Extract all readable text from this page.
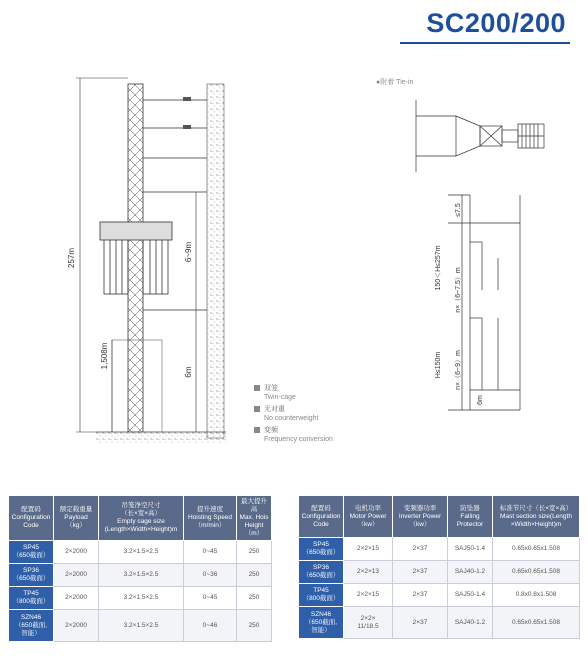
SC200/200
257m	6~9m
6m
1,508m
●附着 Tie-in
≤7.5
150＜H≤257m n×（6~7.5）m
H≤150m n×（6~9）m
6m
双笼
Twin-cage
无对重
No counterweight
变频
Frequency conversion
配置码
Configuration
Code	额定载重量
Payload
（kg）	吊笼净空尺寸
（长×宽×高）
Empty cage size
(Length×Width×Height)m	提升速度
Hoisting Speed
（m/min）	最大提升高
Max. Hois
Height（m）
SP45
（650截面）	2×2000	3.2×1.5×2.5	0~45	250
SP36
（650截面）	2×2000	3.2×1.5×2.5	0~36	250
TP45
（800截面）	2×2000	3.2×1.5×2.5	0~45	250
SZN46
（650截面,
智能）	2×2000	3.2×1.5×2.5	0~46	250
配置码
Configuration
Code	电机功率
Motor Power
（kw）	变频器功率
Inverter Power
（kw）	防坠器
Falling
Protector	标准节尺寸（长×宽×高）
Mast section size(Length
×Width×Height)m
SP45
（650截面）	2×2×15	2×37	SAJ50-1.4	0.65x0.65x1.508
SP36
（650截面）	2×2×13	2×37	SAJ40-1.2	0.65x0.65x1.508
TP45
（800截面）	2×2×15	2×37	SAJ50-1.4	0.8x0.8x1.508
SZN46
（650截面,
智能）	2×2×
11/18.5	2×37	SAJ40-1.2	0.65x0.65x1.508
